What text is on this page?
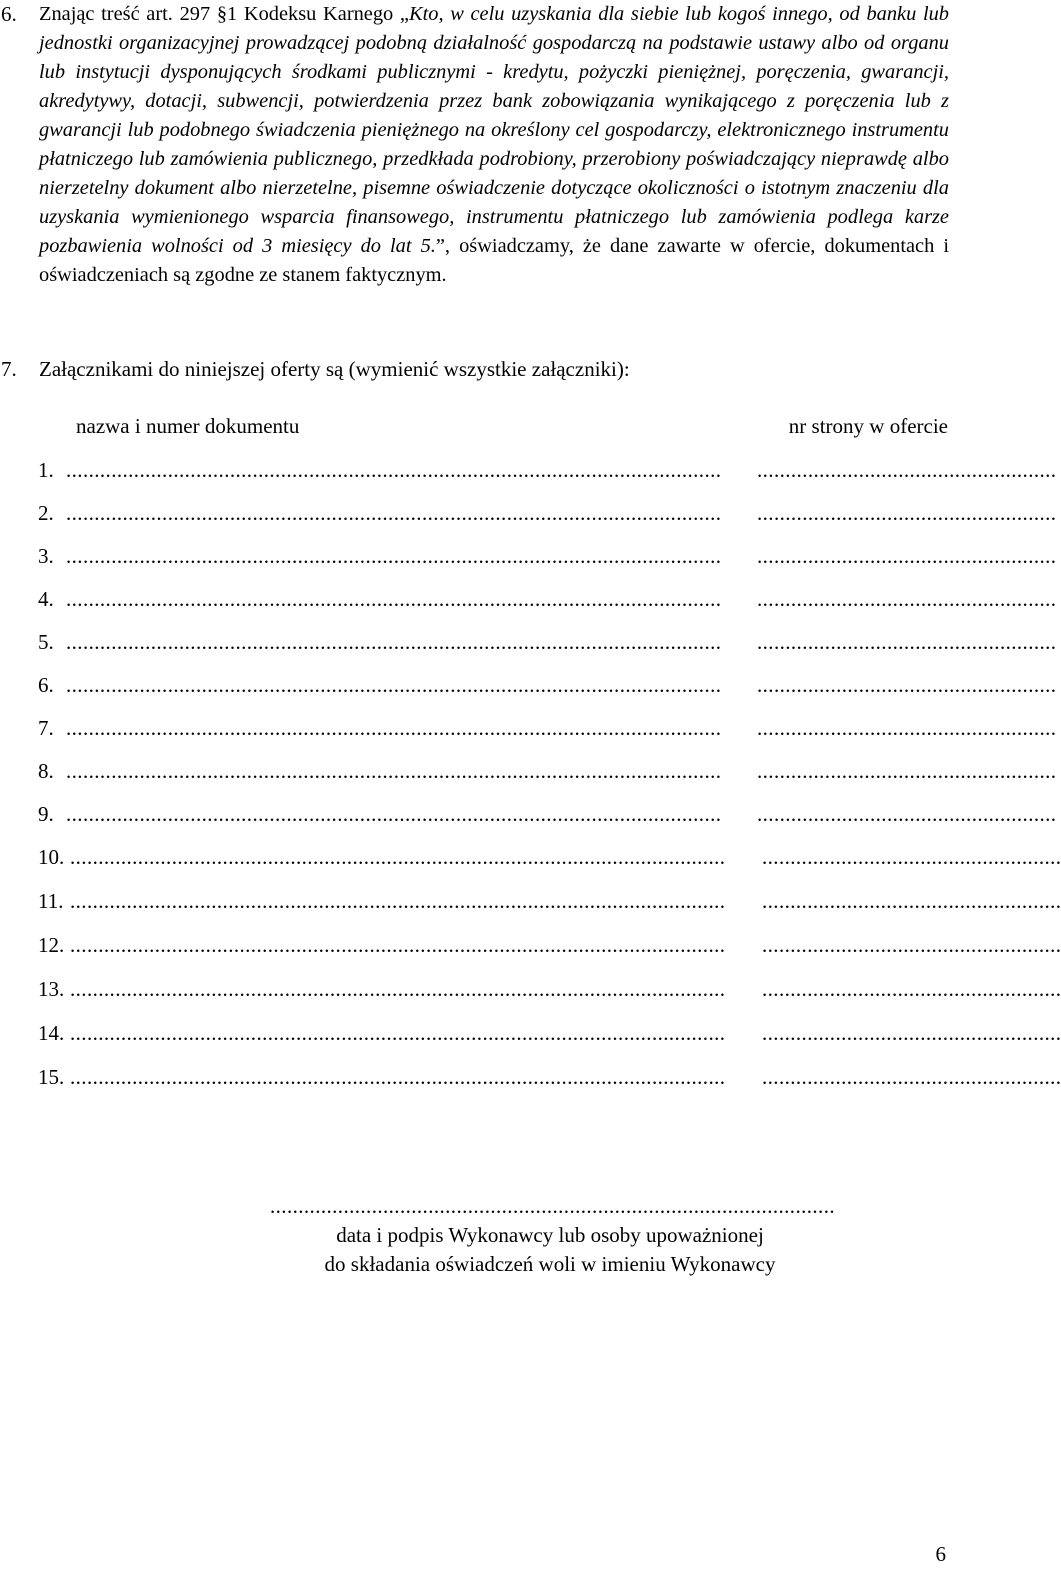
6. Znając treść art. 297 §1 Kodeksu Karnego „Kto, w celu uzyskania dla siebie lub kogoś innego, od banku lub jednostki organizacyjnej prowadzącej podobną działalność gospodarczą na podstawie ustawy albo od organu lub instytucji dysponujących środkami publicznymi - kredytu, pożyczki pieniężnej, poręczenia, gwarancji, akredytywy, dotacji, subwencji, potwierdzenia przez bank zobowiązania wynikającego z poręczenia lub z gwarancji lub podobnego świadczenia pieniężnego na określony cel gospodarczy, elektronicznego instrumentu płatniczego lub zamówienia publicznego, przedkłada podrobiony, przerobiony poświadczający nieprawdę albo nierzetelny dokument albo nierzetelne, pisemne oświadczenie dotyczące okoliczności o istotnym znaczeniu dla uzyskania wymienionego wsparcia finansowego, instrumentu płatniczego lub zamówienia podlega karze pozbawienia wolności od 3 miesięcy do lat 5.”, oświadczamy, że dane zawarte w ofercie, dokumentach i oświadczeniach są zgodne ze stanem faktycznym.
7. Załącznikami do niniejszej oferty są (wymienić wszystkie załączniki):
nazwa i numer dokumentu	nr strony w ofercie
1. .................................................................................................................... .....................................................
2. .................................................................................................................... .....................................................
3. .................................................................................................................... .....................................................
4. .................................................................................................................... .....................................................
5. .................................................................................................................... .....................................................
6. .................................................................................................................... .....................................................
7. .................................................................................................................... .....................................................
8. .................................................................................................................... .....................................................
9. .................................................................................................................... .....................................................
10. .................................................................................................................... .....................................................
11. .................................................................................................................... .....................................................
12. .................................................................................................................... .....................................................
13. .................................................................................................................... .....................................................
14. .................................................................................................................... .....................................................
15. .................................................................................................................... .....................................................
....................................................................................................
data i podpis Wykonawcy lub osoby upoważnionej
do składania oświadczeń woli w imieniu Wykonawcy
6
